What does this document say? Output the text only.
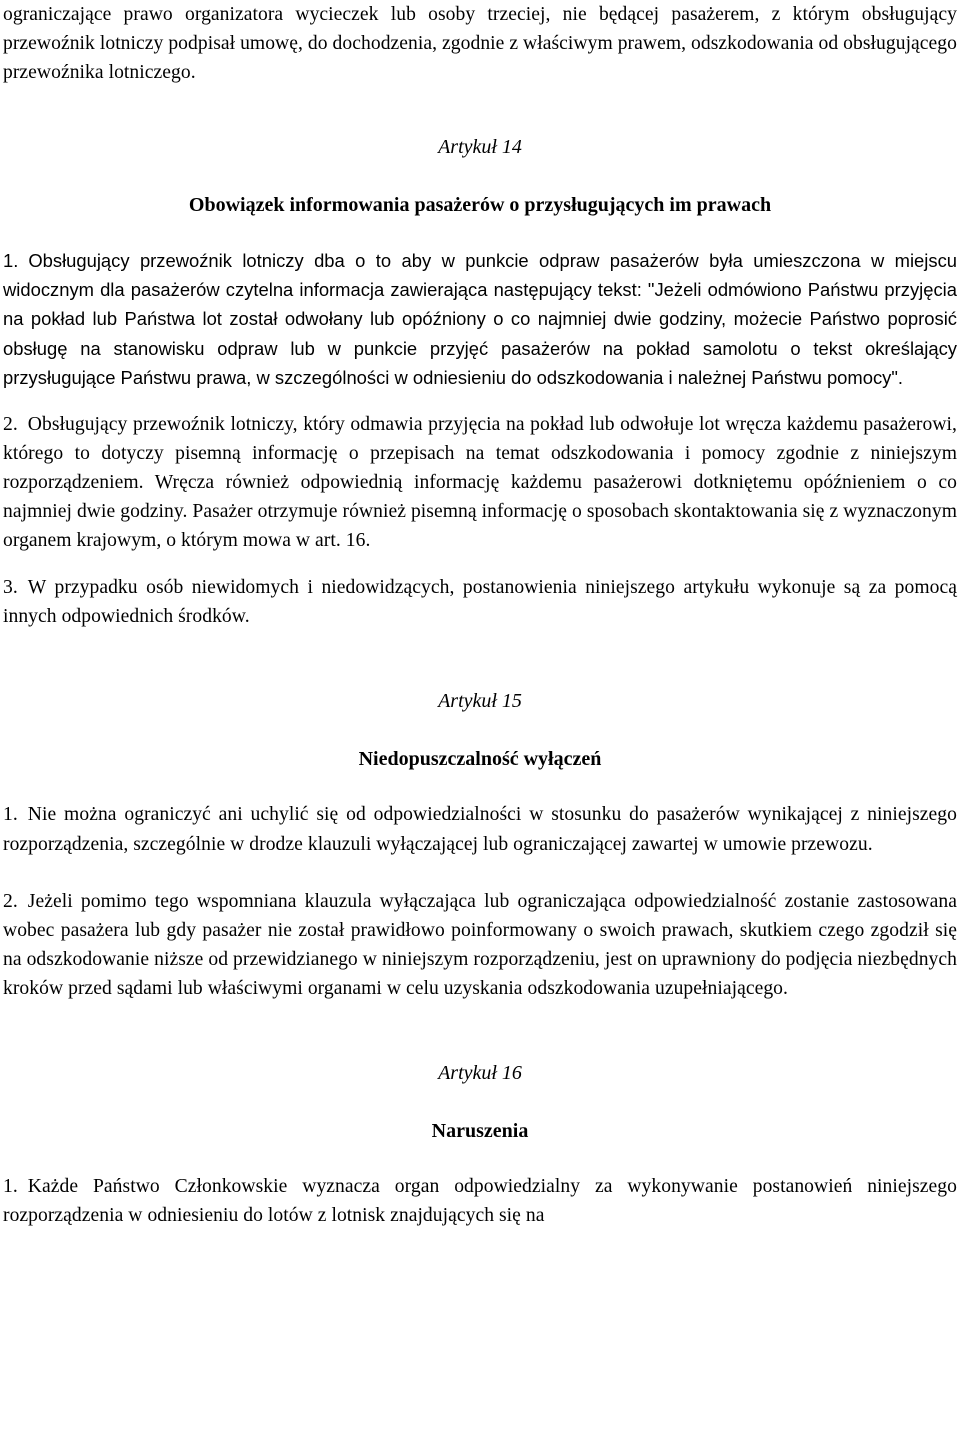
ograniczające prawo organizatora wycieczek lub osoby trzeciej, nie będącej pasażerem, z którym obsługujący przewoźnik lotniczy podpisał umowę, do dochodzenia, zgodnie z właściwym prawem, odszkodowania od obsługującego przewoźnika lotniczego.

Artykuł 14

Obowiązek informowania pasażerów o przysługujących im prawach

1. Obsługujący przewoźnik lotniczy dba o to aby w punkcie odpraw pasażerów była umieszczona w miejscu widocznym dla pasażerów czytelna informacja zawierająca następujący tekst: "Jeżeli odmówiono Państwu przyjęcia na pokład lub Państwa lot został odwołany lub opóźniony o co najmniej dwie godziny, możecie Państwo poprosić obsługę na stanowisku odpraw lub w punkcie przyjęć pasażerów na pokład samolotu o tekst określający przysługujące Państwu prawa, w szczególności w odniesieniu do odszkodowania i należnej Państwu pomocy".

2. Obsługujący przewoźnik lotniczy, który odmawia przyjęcia na pokład lub odwołuje lot wręcza każdemu pasażerowi, którego to dotyczy pisemną informację o przepisach na temat odszkodowania i pomocy zgodnie z niniejszym rozporządzeniem. Wręcza również odpowiednią informację każdemu pasażerowi dotkniętemu opóźnieniem o co najmniej dwie godziny. Pasażer otrzymuje również pisemną informację o sposobach skontaktowania się z wyznaczonym organem krajowym, o którym mowa w art. 16.

3. W przypadku osób niewidomych i niedowidzących, postanowienia niniejszego artykułu wykonuje są za pomocą innych odpowiednich środków.

Artykuł 15

Niedopuszczalność wyłączeń

1. Nie można ograniczyć ani uchylić się od odpowiedzialności w stosunku do pasażerów wynikającej z niniejszego rozporządzenia, szczególnie w drodze klauzuli wyłączającej lub ograniczającej zawartej w umowie przewozu.

2. Jeżeli pomimo tego wspomniana klauzula wyłączająca lub ograniczająca odpowiedzialność zostanie zastosowana wobec pasażera lub gdy pasażer nie został prawidłowo poinformowany o swoich prawach, skutkiem czego zgodził się na odszkodowanie niższe od przewidzianego w niniejszym rozporządzeniu, jest on uprawniony do podjęcia niezbędnych kroków przed sądami lub właściwymi organami w celu uzyskania odszkodowania uzupełniającego.

Artykuł 16

Naruszenia

1. Każde Państwo Członkowskie wyznacza organ odpowiedzialny za wykonywanie postanowień niniejszego rozporządzenia w odniesieniu do lotów z lotnisk znajdujących się na
